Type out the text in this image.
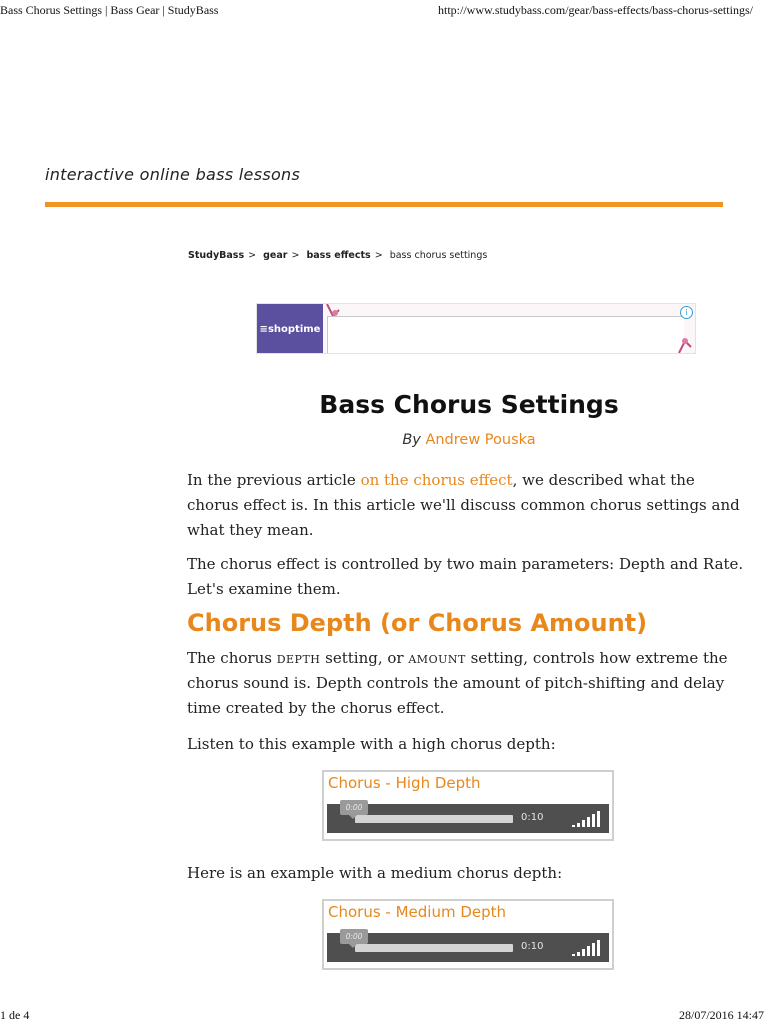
Bass Chorus Settings | Bass Gear | StudyBass	http://www.studybass.com/gear/bass-effects/bass-chorus-settings/
interactive online bass lessons
StudyBass > gear > bass effects > bass chorus settings
≡ shoptime
i
Bass Chorus Settings
By Andrew Pouska
In the previous article on the chorus effect, we described what the
chorus effect is. In this article we'll discuss common chorus settings and
what they mean.
The chorus effect is controlled by two main parameters: Depth and Rate.
Let's examine them.
Chorus Depth (or Chorus Amount)
The chorus depth setting, or amount setting, controls how extreme the
chorus sound is. Depth controls the amount of pitch-shifting and delay
time created by the chorus effect.
Listen to this example with a high chorus depth:
Chorus - High Depth
0:00
0:10
Here is an example with a medium chorus depth:
Chorus - Medium Depth
0:00
0:10
1 de 4	28/07/2016 14:47
